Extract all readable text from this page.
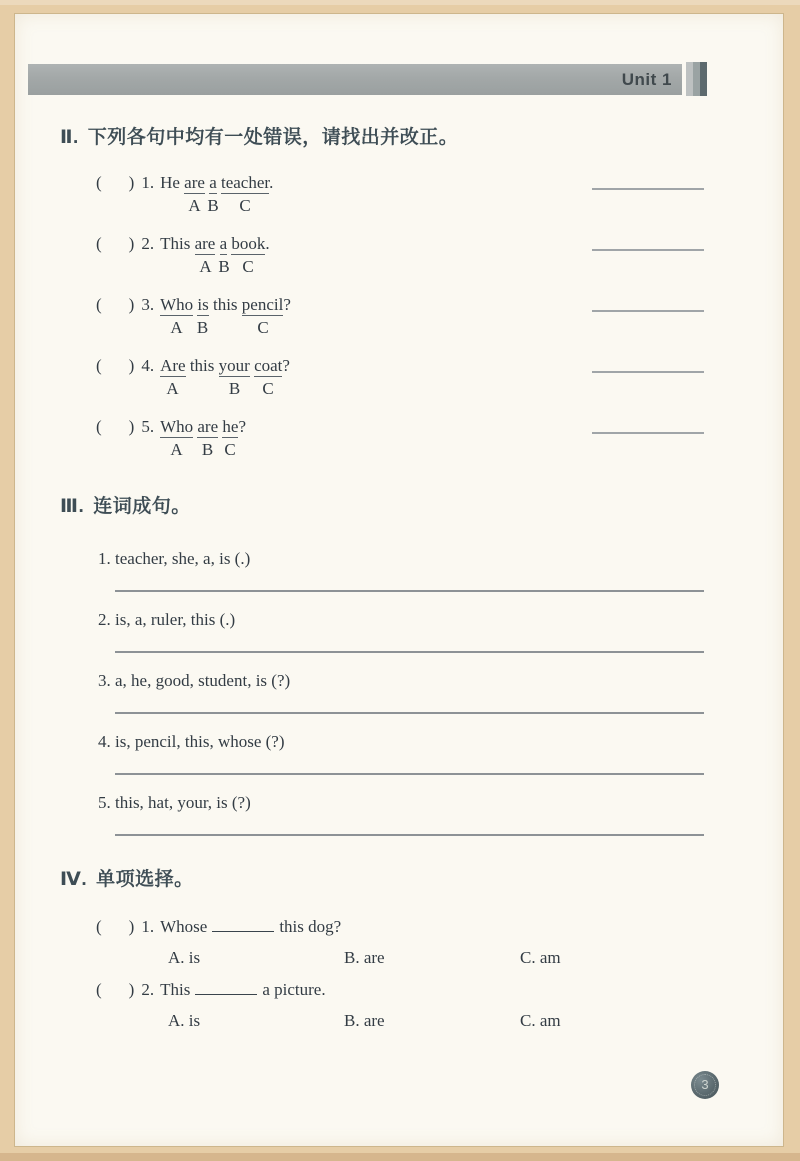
Unit 1
Ⅱ. 下列各句中均有一处错误，请找出并改正。
( ) 1. He are a teacher.
A B C
( ) 2. This are a book.
A B C
( ) 3. Who is this pencil?
A B	C
( ) 4. Are this your coat?
A	B C
( ) 5. Who are he?
A B C
Ⅲ. 连词成句。
1. teacher, she, a, is (.)
2. is, a, ruler, this (.)
3. a, he, good, student, is (?)
4. is, pencil, this, whose (?)
5. this, hat, your, is (?)
Ⅳ. 单项选择。
( ) 1. Whose	this dog?
A. is	B. are	C. am
( ) 2. This	a picture.
A. is	B. are	C. am
3
